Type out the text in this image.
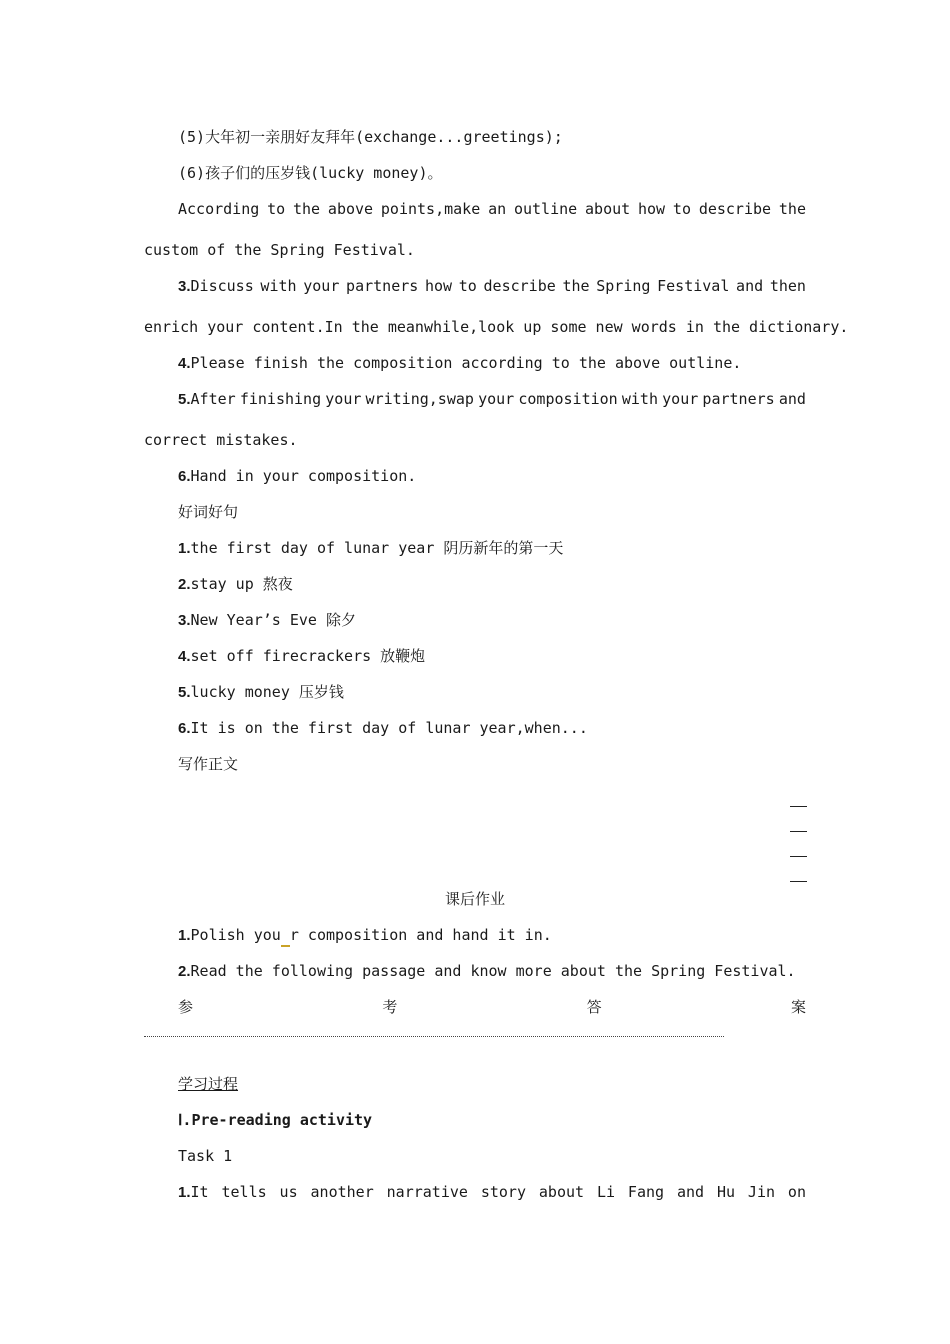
(5)大年初一亲朋好友拜年(exchange...greetings);
(6)孩子们的压岁钱(lucky money)。
According to the above points,make an outline about how to describe the
custom of the Spring Festival.
3.Discuss with your partners how to describe the Spring Festival and then
enrich your content.In the meanwhile,look up some new words in the dictionary.
4.Please finish the composition according to the above outline.
5.After finishing your writing,swap your composition with your partners and
correct mistakes.
6.Hand in your composition.
好词好句
1.the first day of lunar year 阴历新年的第一天
2.stay up 熬夜
3.New Year’s Eve 除夕
4.set off firecrackers 放鞭炮
5.lucky money 压岁钱
6.It is on the first day of lunar year,when...
写作正文
课后作业
1.Polish you r composition and hand it in.
2.Read the following passage and know more about the Spring Festival.
参	考	答	案
学习过程
Ⅰ.Pre-reading activity
Task 1
1.It tells us another narrative story about Li Fang and Hu Jin on
